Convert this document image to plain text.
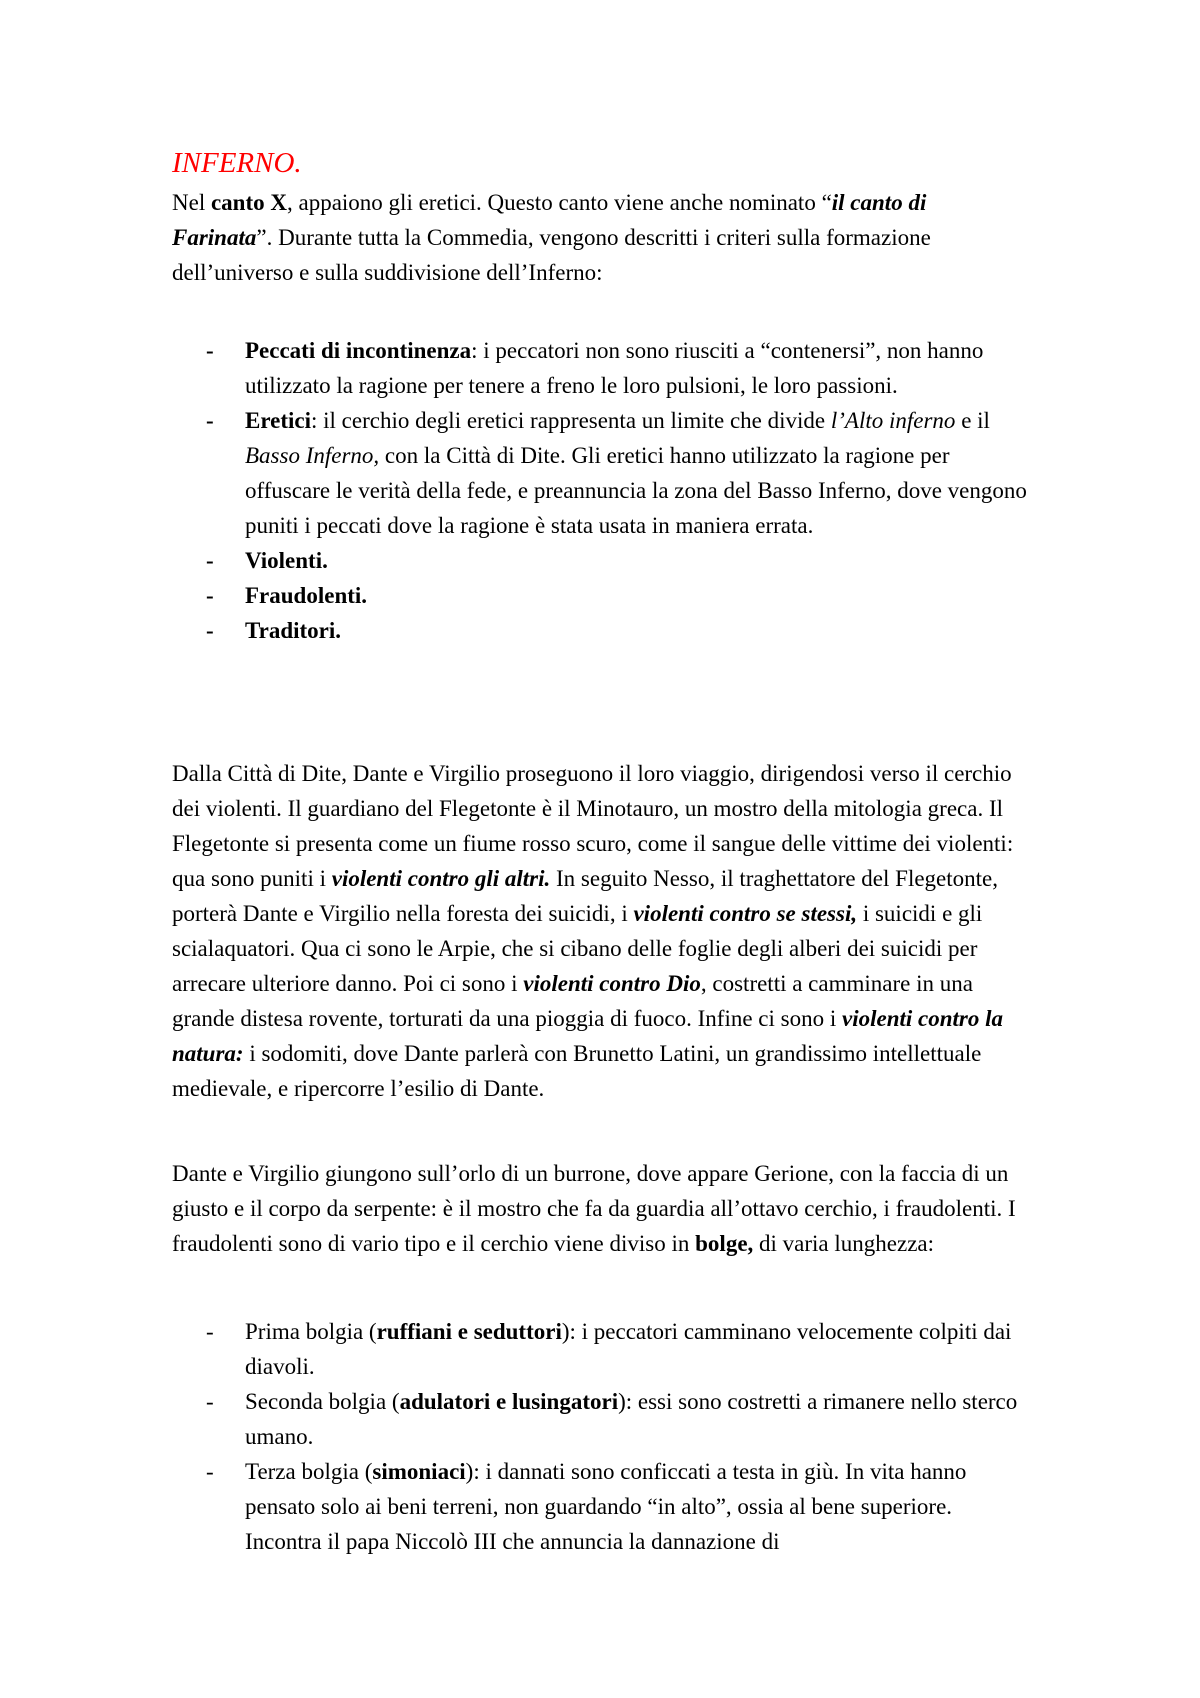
INFERNO.

Nel canto X, appaiono gli eretici. Questo canto viene anche nominato “il canto di Farinata”. Durante tutta la Commedia, vengono descritti i criteri sulla formazione dell’universo e sulla suddivisione dell’Inferno:

- Peccati di incontinenza: i peccatori non sono riusciti a “contenersi”, non hanno utilizzato la ragione per tenere a freno le loro pulsioni, le loro passioni.
- Eretici: il cerchio degli eretici rappresenta un limite che divide l’Alto inferno e il Basso Inferno, con la Città di Dite. Gli eretici hanno utilizzato la ragione per offuscare le verità della fede, e preannuncia la zona del Basso Inferno, dove vengono puniti i peccati dove la ragione è stata usata in maniera errata.
- Violenti.
- Fraudolenti.
- Traditori.

Dalla Città di Dite, Dante e Virgilio proseguono il loro viaggio, dirigendosi verso il cerchio dei violenti. Il guardiano del Flegetonte è il Minotauro, un mostro della mitologia greca. Il Flegetonte si presenta come un fiume rosso scuro, come il sangue delle vittime dei violenti: qua sono puniti i violenti contro gli altri. In seguito Nesso, il traghettatore del Flegetonte, porterà Dante e Virgilio nella foresta dei suicidi, i violenti contro se stessi, i suicidi e gli scialaquatori. Qua ci sono le Arpie, che si cibano delle foglie degli alberi dei suicidi per arrecare ulteriore danno. Poi ci sono i violenti contro Dio, costretti a camminare in una grande distesa rovente, torturati da una pioggia di fuoco. Infine ci sono i violenti contro la natura: i sodomiti, dove Dante parlerà con Brunetto Latini, un grandissimo intellettuale medievale, e ripercorre l’esilio di Dante.

Dante e Virgilio giungono sull’orlo di un burrone, dove appare Gerione, con la faccia di un giusto e il corpo da serpente: è il mostro che fa da guardia all’ottavo cerchio, i fraudolenti. I fraudolenti sono di vario tipo e il cerchio viene diviso in bolge, di varia lunghezza:

- Prima bolgia (ruffiani e seduttori): i peccatori camminano velocemente colpiti dai diavoli.
- Seconda bolgia (adulatori e lusingatori): essi sono costretti a rimanere nello sterco umano.
- Terza bolgia (simoniaci): i dannati sono conficcati a testa in giù. In vita hanno pensato solo ai beni terreni, non guardando “in alto”, ossia al bene superiore. Incontra il papa Niccolò III che annuncia la dannazione di
